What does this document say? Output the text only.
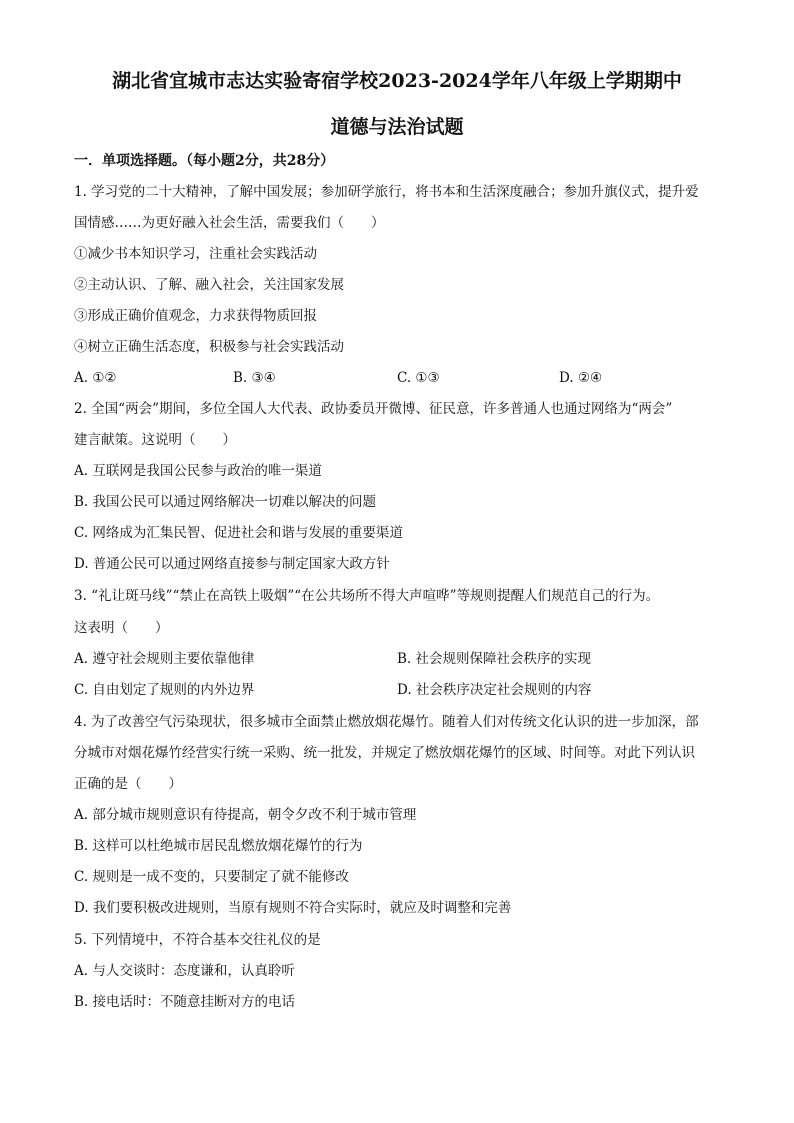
湖北省宜城市志达实验寄宿学校2023-2024学年八年级上学期期中
道德与法治试题
一．单项选择题。（每小题2分，共28分）
1. 学习党的二十大精神，了解中国发展；参加研学旅行，将书本和生活深度融合；参加升旗仪式，提升爱
国情感……为更好融入社会生活，需要我们（　　）
①减少书本知识学习，注重社会实践活动
②主动认识、了解、融入社会，关注国家发展
③形成正确价值观念，力求获得物质回报
④树立正确生活态度，积极参与社会实践活动
A. ①②	B. ③④	C. ①③	D. ②④
2. 全国“两会”期间，多位全国人大代表、政协委员开微博、征民意，许多普通人也通过网络为“两会”
建言献策。这说明（　　）
A. 互联网是我国公民参与政治的唯一渠道
B. 我国公民可以通过网络解决一切难以解决的问题
C. 网络成为汇集民智、促进社会和谐与发展的重要渠道
D. 普通公民可以通过网络直接参与制定国家大政方针
3. “礼让斑马线”“禁止在高铁上吸烟”“在公共场所不得大声喧哗”等规则提醒人们规范自己的行为。
这表明（　　）
A. 遵守社会规则主要依靠他律	B. 社会规则保障社会秩序的实现
C. 自由划定了规则的内外边界	D. 社会秩序决定社会规则的内容
4. 为了改善空气污染现状，很多城市全面禁止燃放烟花爆竹。随着人们对传统文化认识的进一步加深，部
分城市对烟花爆竹经营实行统一采购、统一批发，并规定了燃放烟花爆竹的区域、时间等。对此下列认识
正确的是（　　）
A. 部分城市规则意识有待提高，朝令夕改不利于城市管理
B. 这样可以杜绝城市居民乱燃放烟花爆竹的行为
C. 规则是一成不变的，只要制定了就不能修改
D. 我们要积极改进规则，当原有规则不符合实际时，就应及时调整和完善
5. 下列情境中，不符合基本交往礼仪的是
A. 与人交谈时：态度谦和，认真聆听
B. 接电话时：不随意挂断对方的电话
